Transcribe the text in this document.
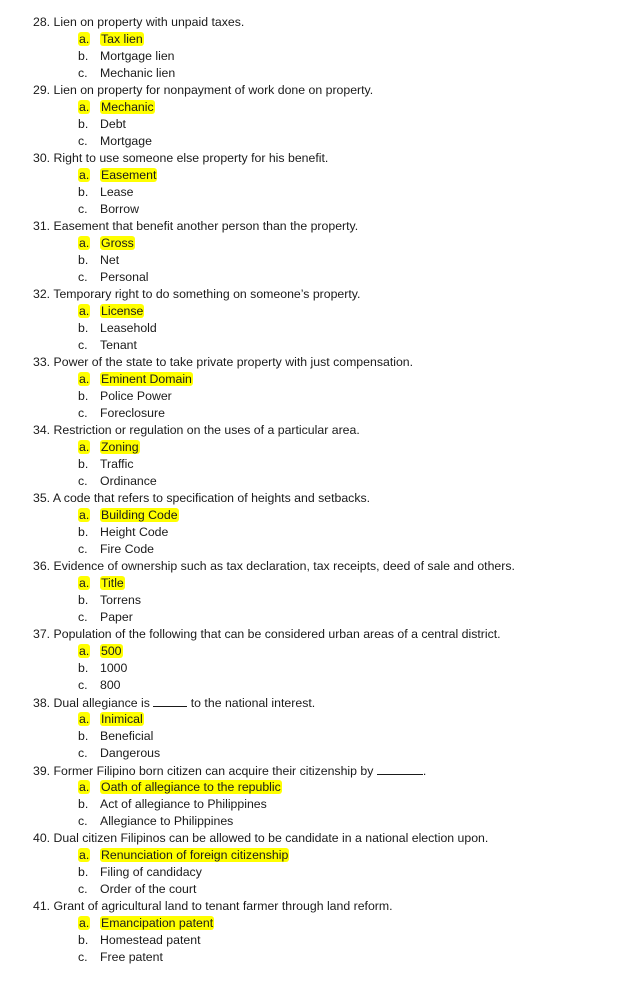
28. Lien on property with unpaid taxes.
a. Tax lien
b. Mortgage lien
c. Mechanic lien
29. Lien on property for nonpayment of work done on property.
a. Mechanic
b. Debt
c. Mortgage
30. Right to use someone else property for his benefit.
a. Easement
b. Lease
c. Borrow
31. Easement that benefit another person than the property.
a. Gross
b. Net
c. Personal
32. Temporary right to do something on someone’s property.
a. License
b. Leasehold
c. Tenant
33. Power of the state to take private property with just compensation.
a. Eminent Domain
b. Police Power
c. Foreclosure
34. Restriction or regulation on the uses of a particular area.
a. Zoning
b. Traffic
c. Ordinance
35. A code that refers to specification of heights and setbacks.
a. Building Code
b. Height Code
c. Fire Code
36. Evidence of ownership such as tax declaration, tax receipts, deed of sale and others.
a. Title
b. Torrens
c. Paper
37. Population of the following that can be considered urban areas of a central district.
a. 500
b. 1000
c. 800
38. Dual allegiance is	to the national interest.
a. Inimical
b. Beneficial
c. Dangerous
39. Former Filipino born citizen can acquire their citizenship by	.
a. Oath of allegiance to the republic
b. Act of allegiance to Philippines
c. Allegiance to Philippines
40. Dual citizen Filipinos can be allowed to be candidate in a national election upon.
a. Renunciation of foreign citizenship
b. Filing of candidacy
c. Order of the court
41. Grant of agricultural land to tenant farmer through land reform.
a. Emancipation patent
b. Homestead patent
c. Free patent
